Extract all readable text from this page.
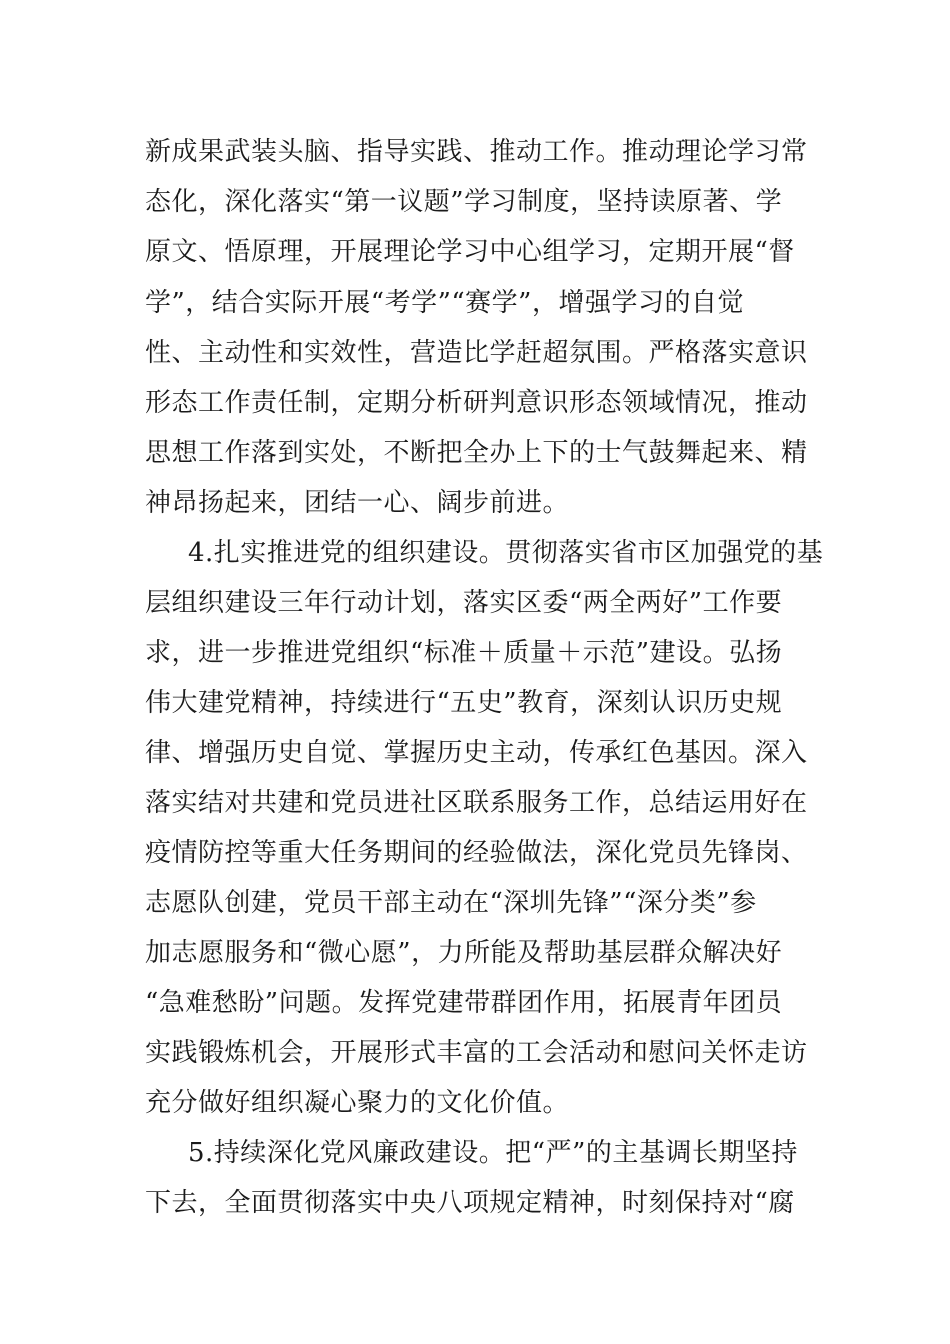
新成果武装头脑、指导实践、推动工作。推动理论学习常
态化，深化落实“第一议题”学习制度，坚持读原著、学
原文、悟原理，开展理论学习中心组学习，定期开展“督
学”，结合实际开展“考学”“赛学”，增强学习的自觉
性、主动性和实效性，营造比学赶超氛围。严格落实意识
形态工作责任制，定期分析研判意识形态领域情况，推动
思想工作落到实处，不断把全办上下的士气鼓舞起来、精
神昂扬起来，团结一心、阔步前进。
4.扎实推进党的组织建设。贯彻落实省市区加强党的基
层组织建设三年行动计划，落实区委“两全两好”工作要
求，进一步推进党组织“标准＋质量＋示范”建设。弘扬
伟大建党精神，持续进行“五史”教育，深刻认识历史规
律、增强历史自觉、掌握历史主动，传承红色基因。深入
落实结对共建和党员进社区联系服务工作，总结运用好在
疫情防控等重大任务期间的经验做法，深化党员先锋岗、
志愿队创建，党员干部主动在“深圳先锋”“深分类”参
加志愿服务和“微心愿”，力所能及帮助基层群众解决好
“急难愁盼”问题。发挥党建带群团作用，拓展青年团员
实践锻炼机会，开展形式丰富的工会活动和慰问关怀走访
充分做好组织凝心聚力的文化价值。
5.持续深化党风廉政建设。把“严”的主基调长期坚持
下去，全面贯彻落实中央八项规定精神，时刻保持对“腐
